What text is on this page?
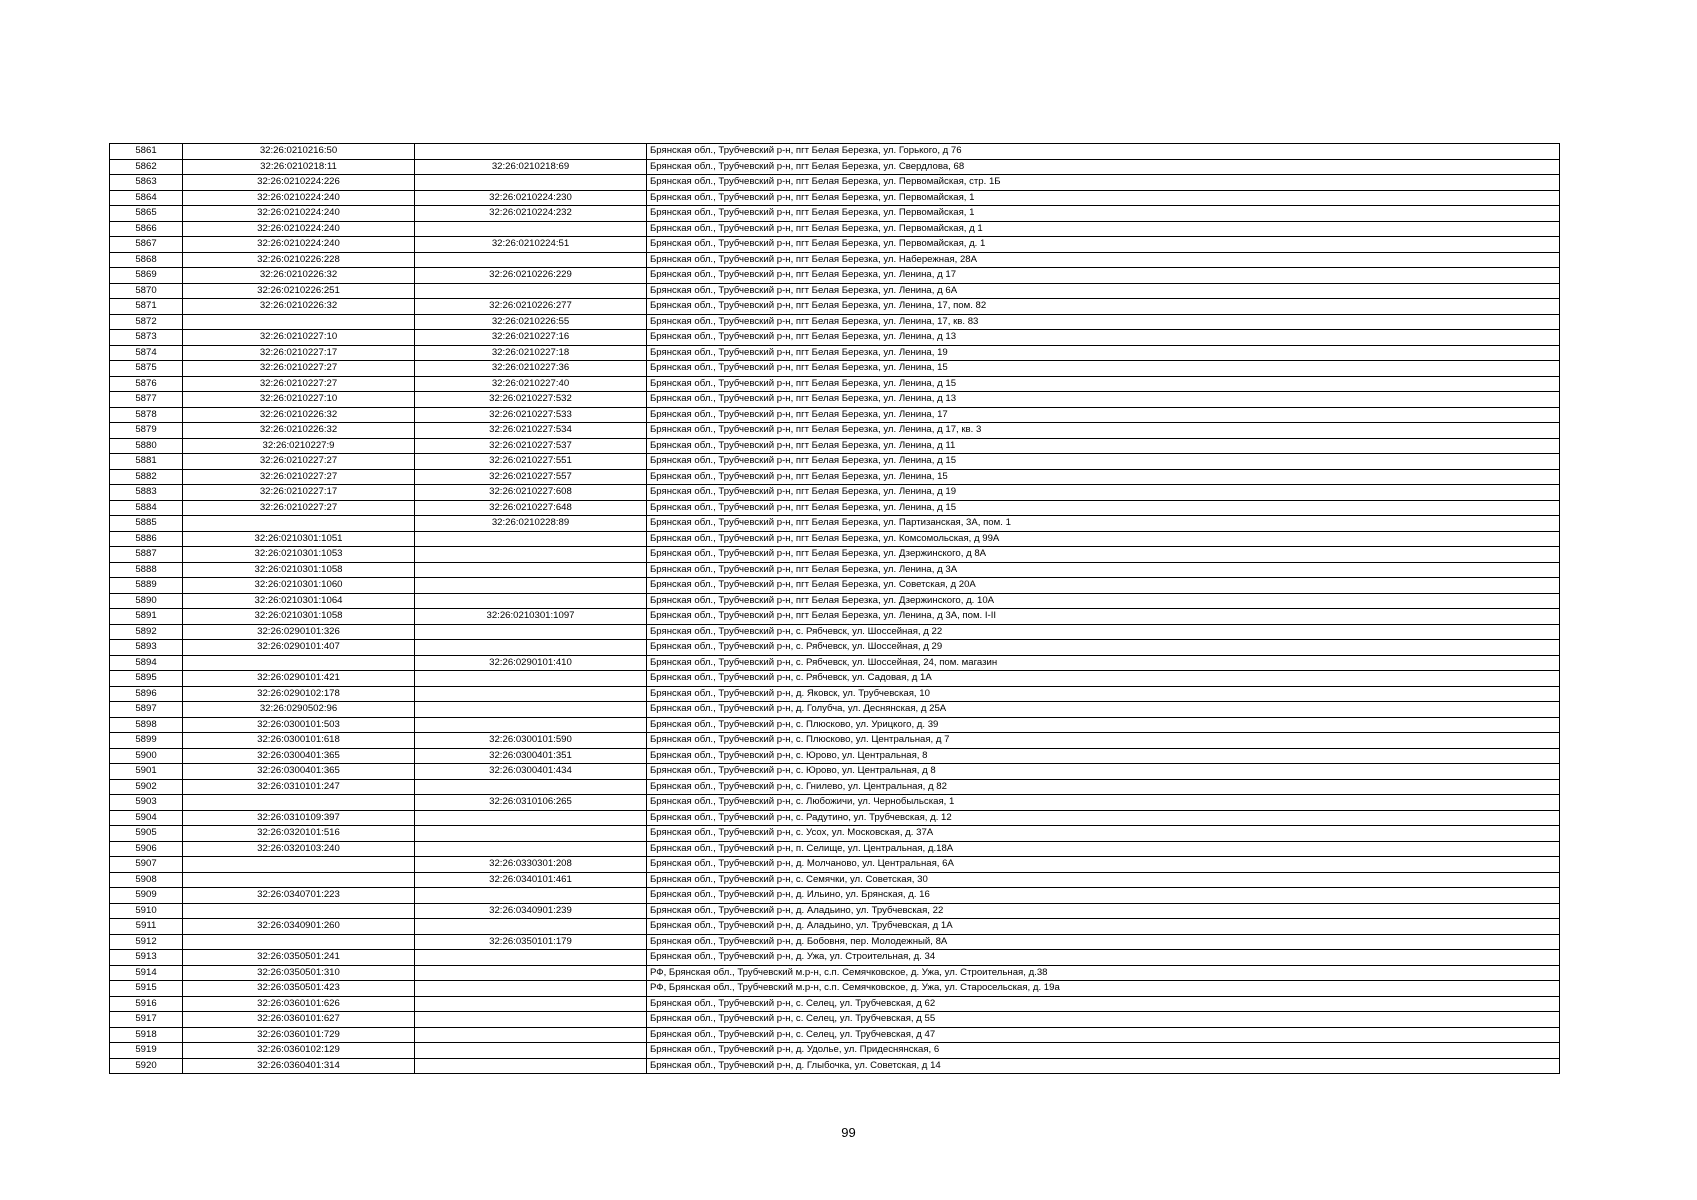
5861	32:26:0210216:50		Брянская обл., Трубчевский р-н, пгт Белая Березка, ул. Горького, д 76
5862	32:26:0210218:11	32:26:0210218:69	Брянская обл., Трубчевский р-н, пгт Белая Березка, ул. Свердлова, 68
5863	32:26:0210224:226		Брянская обл., Трубчевский р-н, пгт Белая Березка, ул. Первомайская, стр. 1Б
5864	32:26:0210224:240	32:26:0210224:230	Брянская обл., Трубчевский р-н, пгт Белая Березка, ул. Первомайская, 1
5865	32:26:0210224:240	32:26:0210224:232	Брянская обл., Трубчевский р-н, пгт Белая Березка, ул. Первомайская, 1
5866	32:26:0210224:240		Брянская обл., Трубчевский р-н, пгт Белая Березка, ул. Первомайская, д 1
5867	32:26:0210224:240	32:26:0210224:51	Брянская обл., Трубчевский р-н, пгт Белая Березка, ул. Первомайская, д. 1
5868	32:26:0210226:228		Брянская обл., Трубчевский р-н, пгт Белая Березка, ул. Набережная, 28А
5869	32:26:0210226:32	32:26:0210226:229	Брянская обл., Трубчевский р-н, пгт Белая Березка, ул. Ленина, д 17
5870	32:26:0210226:251		Брянская обл., Трубчевский р-н, пгт Белая Березка, ул. Ленина, д 6А
5871	32:26:0210226:32	32:26:0210226:277	Брянская обл., Трубчевский р-н, пгт Белая Березка, ул. Ленина, 17, пом. 82
5872		32:26:0210226:55	Брянская обл., Трубчевский р-н, пгт Белая Березка, ул. Ленина, 17, кв. 83
5873	32:26:0210227:10	32:26:0210227:16	Брянская обл., Трубчевский р-н, пгт Белая Березка, ул. Ленина, д 13
5874	32:26:0210227:17	32:26:0210227:18	Брянская обл., Трубчевский р-н, пгт Белая Березка, ул. Ленина, 19
5875	32:26:0210227:27	32:26:0210227:36	Брянская обл., Трубчевский р-н, пгт Белая Березка, ул. Ленина, 15
5876	32:26:0210227:27	32:26:0210227:40	Брянская обл., Трубчевский р-н, пгт Белая Березка, ул. Ленина, д 15
5877	32:26:0210227:10	32:26:0210227:532	Брянская обл., Трубчевский р-н, пгт Белая Березка, ул. Ленина, д 13
5878	32:26:0210226:32	32:26:0210227:533	Брянская обл., Трубчевский р-н, пгт Белая Березка, ул. Ленина, 17
5879	32:26:0210226:32	32:26:0210227:534	Брянская обл., Трубчевский р-н, пгт Белая Березка, ул. Ленина, д 17, кв. 3
5880	32:26:0210227:9	32:26:0210227:537	Брянская обл., Трубчевский р-н, пгт Белая Березка, ул. Ленина, д 11
5881	32:26:0210227:27	32:26:0210227:551	Брянская обл., Трубчевский р-н, пгт Белая Березка, ул. Ленина, д 15
5882	32:26:0210227:27	32:26:0210227:557	Брянская обл., Трубчевский р-н, пгт Белая Березка, ул. Ленина, 15
5883	32:26:0210227:17	32:26:0210227:608	Брянская обл., Трубчевский р-н, пгт Белая Березка, ул. Ленина, д 19
5884	32:26:0210227:27	32:26:0210227:648	Брянская обл., Трубчевский р-н, пгт Белая Березка, ул. Ленина, д 15
5885		32:26:0210228:89	Брянская обл., Трубчевский р-н, пгт Белая Березка, ул. Партизанская, 3А, пом. 1
5886	32:26:0210301:1051		Брянская обл., Трубчевский р-н, пгт Белая Березка, ул. Комсомольская, д 99А
5887	32:26:0210301:1053		Брянская обл., Трубчевский р-н, пгт Белая Березка, ул. Дзержинского, д 8А
5888	32:26:0210301:1058		Брянская обл., Трубчевский р-н, пгт Белая Березка, ул. Ленина, д 3А
5889	32:26:0210301:1060		Брянская обл., Трубчевский р-н, пгт Белая Березка, ул. Советская, д 20А
5890	32:26:0210301:1064		Брянская обл., Трубчевский р-н, пгт Белая Березка, ул. Дзержинского, д. 10А
5891	32:26:0210301:1058	32:26:0210301:1097	Брянская обл., Трубчевский р-н, пгт Белая Березка, ул. Ленина, д 3А, пом. I-II
5892	32:26:0290101:326		Брянская обл., Трубчевский р-н, с. Рябчевск, ул. Шоссейная, д 22
5893	32:26:0290101:407		Брянская обл., Трубчевский р-н, с. Рябчевск, ул. Шоссейная, д 29
5894		32:26:0290101:410	Брянская обл., Трубчевский р-н, с. Рябчевск, ул. Шоссейная, 24, пом. магазин
5895	32:26:0290101:421		Брянская обл., Трубчевский р-н, с. Рябчевск, ул. Садовая, д 1А
5896	32:26:0290102:178		Брянская обл., Трубчевский р-н, д. Яковск, ул. Трубчевская, 10
5897	32:26:0290502:96		Брянская обл., Трубчевский р-н, д. Голубча, ул. Деснянская, д 25А
5898	32:26:0300101:503		Брянская обл., Трубчевский р-н, с. Плюсково, ул. Урицкого, д. 39
5899	32:26:0300101:618	32:26:0300101:590	Брянская обл., Трубчевский р-н, с. Плюсково, ул. Центральная, д 7
5900	32:26:0300401:365	32:26:0300401:351	Брянская обл., Трубчевский р-н, с. Юрово, ул. Центральная, 8
5901	32:26:0300401:365	32:26:0300401:434	Брянская обл., Трубчевский р-н, с. Юрово, ул. Центральная, д 8
5902	32:26:0310101:247		Брянская обл., Трубчевский р-н, с. Гнилево, ул. Центральная, д 82
5903		32:26:0310106:265	Брянская обл., Трубчевский р-н, с. Любожичи, ул. Чернобыльская, 1
5904	32:26:0310109:397		Брянская обл., Трубчевский р-н, с. Радутино, ул. Трубчевская, д. 12
5905	32:26:0320101:516		Брянская обл., Трубчевский р-н, с. Усох, ул. Московская, д. 37А
5906	32:26:0320103:240		Брянская обл., Трубчевский р-н, п. Селище, ул. Центральная, д.18А
5907		32:26:0330301:208	Брянская обл., Трубчевский р-н, д. Молчаново, ул. Центральная, 6А
5908		32:26:0340101:461	Брянская обл., Трубчевский р-н, с. Семячки, ул. Советская, 30
5909	32:26:0340701:223		Брянская обл., Трубчевский р-н, д. Ильино, ул. Брянская, д. 16
5910		32:26:0340901:239	Брянская обл., Трубчевский р-н, д. Аладьино, ул. Трубчевская, 22
5911	32:26:0340901:260		Брянская обл., Трубчевский р-н, д. Аладьино, ул. Трубчевская, д 1А
5912		32:26:0350101:179	Брянская обл., Трубчевский р-н, д. Бобовня, пер. Молодежный, 8А
5913	32:26:0350501:241		Брянская обл., Трубчевский р-н, д. Ужа, ул. Строительная, д. 34
5914	32:26:0350501:310		РФ, Брянская обл., Трубчевский м.р-н, с.п. Семячковское, д. Ужа, ул. Строительная, д.38
5915	32:26:0350501:423		РФ, Брянская обл., Трубчевский м.р-н, с.п. Семячковское, д. Ужа, ул. Старосельская, д. 19а
5916	32:26:0360101:626		Брянская обл., Трубчевский р-н, с. Селец, ул. Трубчевская, д 62
5917	32:26:0360101:627		Брянская обл., Трубчевский р-н, с. Селец, ул. Трубчевская, д 55
5918	32:26:0360101:729		Брянская обл., Трубчевский р-н, с. Селец, ул. Трубчевская, д 47
5919	32:26:0360102:129		Брянская обл., Трубчевский р-н, д. Удолье, ул. Придеснянская, 6
5920	32:26:0360401:314		Брянская обл., Трубчевский р-н, д. Глыбочка, ул. Советская, д 14
99
